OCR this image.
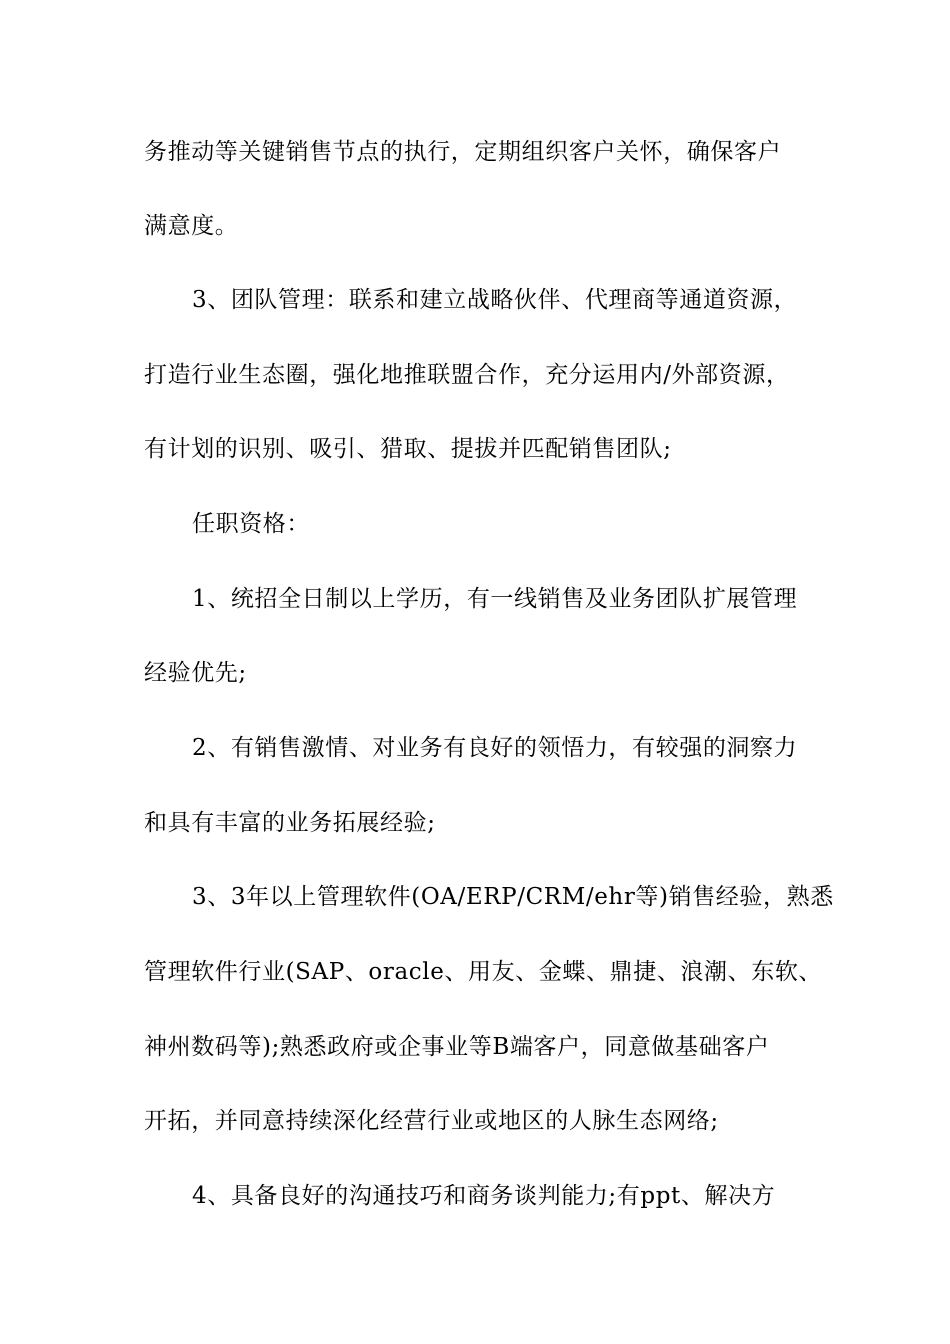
务推动等关键销售节点的执行，定期组织客户关怀，确保客户
满意度。
3、团队管理：联系和建立战略伙伴、代理商等通道资源，
打造行业生态圈，强化地推联盟合作，充分运用内/外部资源，
有计划的识别、吸引、猎取、提拔并匹配销售团队;
任职资格：
1、统招全日制以上学历，有一线销售及业务团队扩展管理
经验优先;
2、有销售激情、对业务有良好的领悟力，有较强的洞察力
和具有丰富的业务拓展经验;
3、3年以上管理软件(OA/ERP/CRM/ehr等)销售经验，熟悉
管理软件行业(SAP、oracle、用友、金蝶、鼎捷、浪潮、东软、
神州数码等);熟悉政府或企事业等B端客户，同意做基础客户
开拓，并同意持续深化经营行业或地区的人脉生态网络;
4、具备良好的沟通技巧和商务谈判能力;有ppt、解决方
